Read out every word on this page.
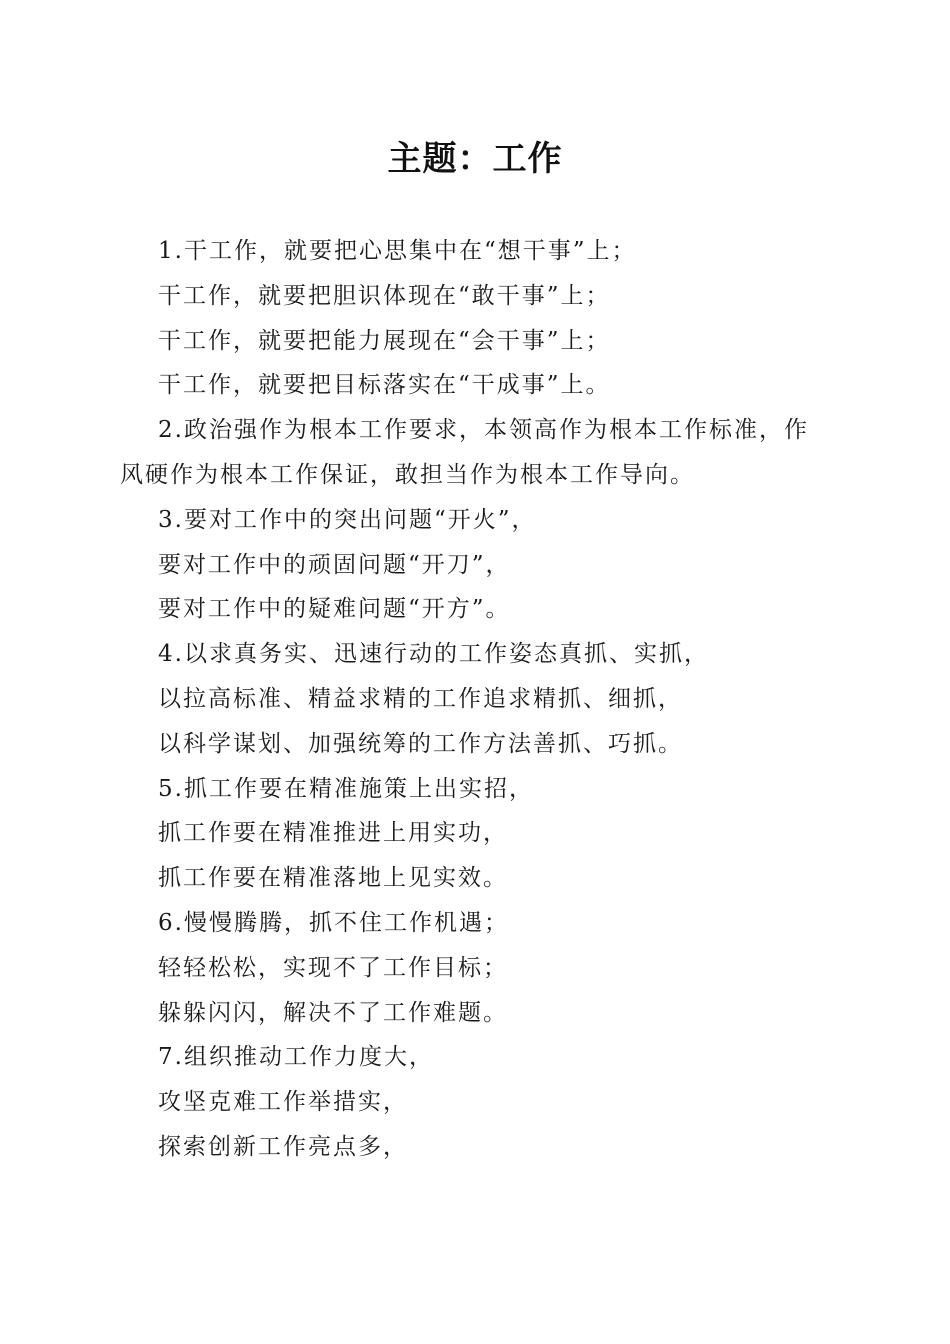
主题：工作
1.干工作，就要把心思集中在“想干事”上；
干工作，就要把胆识体现在“敢干事”上；
干工作，就要把能力展现在“会干事”上；
干工作，就要把目标落实在“干成事”上。
2.政治强作为根本工作要求，本领高作为根本工作标准，作
风硬作为根本工作保证，敢担当作为根本工作导向。
3.要对工作中的突出问题“开火”，
要对工作中的顽固问题“开刀”，
要对工作中的疑难问题“开方”。
4.以求真务实、迅速行动的工作姿态真抓、实抓，
以拉高标准、精益求精的工作追求精抓、细抓，
以科学谋划、加强统筹的工作方法善抓、巧抓。
5.抓工作要在精准施策上出实招，
抓工作要在精准推进上用实功，
抓工作要在精准落地上见实效。
6.慢慢腾腾，抓不住工作机遇；
轻轻松松，实现不了工作目标；
躲躲闪闪，解决不了工作难题。
7.组织推动工作力度大，
攻坚克难工作举措实，
探索创新工作亮点多，
